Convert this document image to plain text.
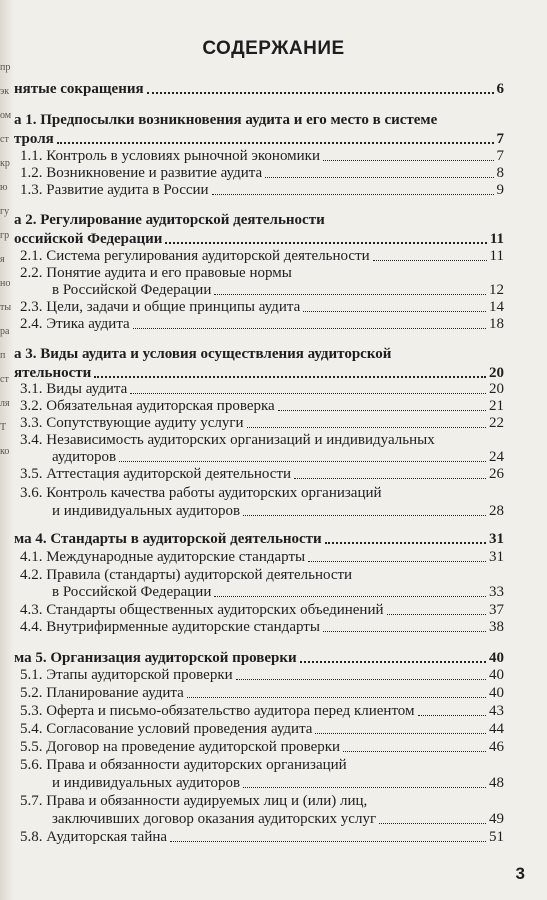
пр
эк
ом
ст
кр
ю
гу
гр
я
но
ты
ра
п
ст
ля
Т
ко
СОДЕРЖАНИЕ
нятые сокращения	6
а 1. Предпосылки возникновения аудита и его место в системе
троля	7
1.1. Контроль в условиях рыночной экономики	7
1.2. Возникновение и развитие аудита	8
1.3. Развитие аудита в России	9
а 2. Регулирование аудиторской деятельности
оссийской Федерации	11
2.1. Система регулирования аудиторской деятельности	11
2.2. Понятие аудита и его правовые нормы
в Российской Федерации	12
2.3. Цели, задачи и общие принципы аудита	14
2.4. Этика аудита	18
а 3. Виды аудита и условия осуществления аудиторской
ятельности	20
3.1. Виды аудита	20
3.2. Обязательная аудиторская проверка	21
3.3. Сопутствующие аудиту услуги	22
3.4. Независимость аудиторских организаций и индивидуальных
аудиторов	24
3.5. Аттестация аудиторской деятельности	26
3.6. Контроль качества работы аудиторских организаций
и индивидуальных аудиторов	28
ма 4. Стандарты в аудиторской деятельности	31
4.1. Международные аудиторские стандарты	31
4.2. Правила (стандарты) аудиторской деятельности
в Российской Федерации	33
4.3. Стандарты общественных аудиторских объединений	37
4.4. Внутрифирменные аудиторские стандарты	38
ма 5. Организация аудиторской проверки	40
5.1. Этапы аудиторской проверки	40
5.2. Планирование аудита	40
5.3. Оферта и письмо-обязательство аудитора перед клиентом	43
5.4. Согласование условий проведения аудита	44
5.5. Договор на проведение аудиторской проверки	46
5.6. Права и обязанности аудиторских организаций
и индивидуальных аудиторов	48
5.7. Права и обязанности аудируемых лиц и (или) лиц,
заключивших договор оказания аудиторских услуг	49
5.8. Аудиторская тайна	51
3
